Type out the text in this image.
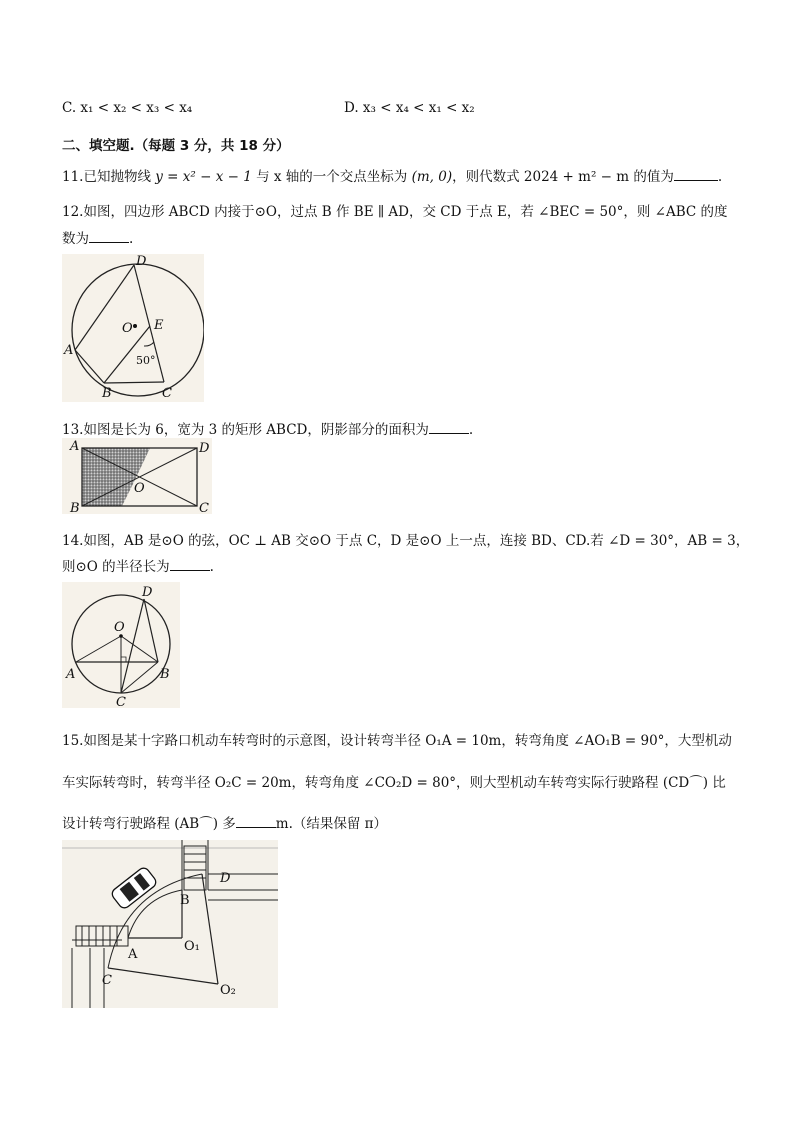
C. x₁ < x₂ < x₃ < x₄	D. x₃ < x₄ < x₁ < x₂
二、填空题.（每题 3 分，共 18 分）
11.已知抛物线 y = x² − x − 1 与 x 轴的一个交点坐标为 (m, 0)，则代数式 2024 + m² − m 的值为	.
12.如图，四边形 ABCD 内接于⊙O，过点 B 作 BE ∥ AD，交 CD 于点 E，若 ∠BEC = 50°，则 ∠ABC 的度
数为	.
D
O E
A
50°
B	C
13.如图是长为 6，宽为 3 的矩形 ABCD，阴影部分的面积为	.
A	D
O
B	C
14.如图，AB 是⊙O 的弦，OC ⊥ AB 交⊙O 于点 C，D 是⊙O 上一点，连接 BD、CD.若 ∠D = 30°，AB = 3，
则⊙O 的半径长为	.
D
O
A	B
C
15.如图是某十字路口机动车转弯时的示意图，设计转弯半径 O₁A = 10m，转弯角度 ∠AO₁B = 90°，大型机动
车实际转弯时，转弯半径 O₂C = 20m，转弯角度 ∠CO₂D = 80°，则大型机动车转弯实际行驶路程 (CD⌒) 比
设计转弯行驶路程 (AB⌒) 多	m.（结果保留 π）
D
B
O₁
A
C
O₂
